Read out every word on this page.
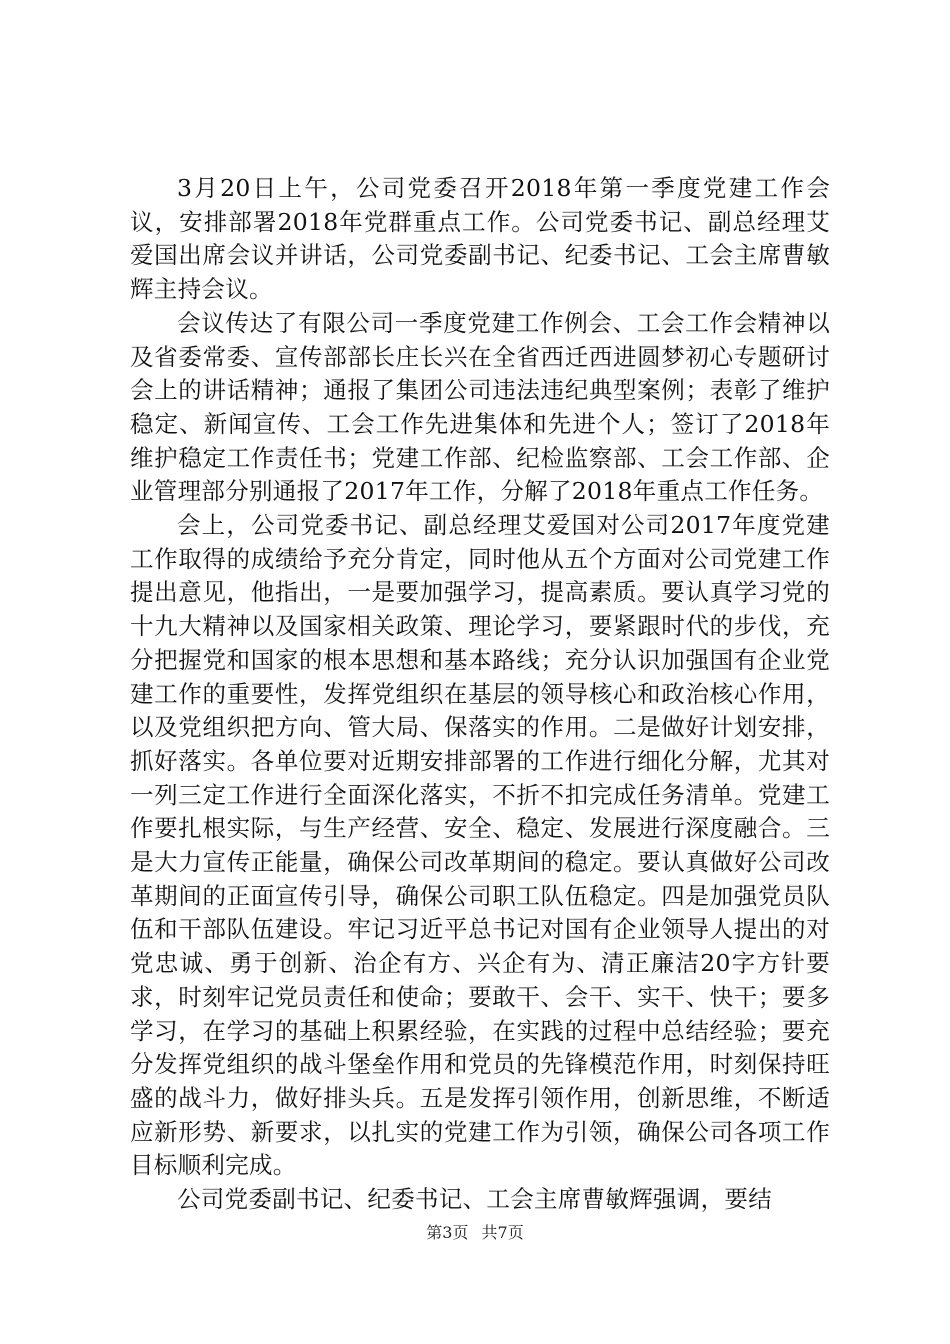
3月20日上午，公司党委召开2018年第一季度党建工作会议，安排部署2018年党群重点工作。公司党委书记、副总经理艾爱国出席会议并讲话，公司党委副书记、纪委书记、工会主席曹敏辉主持会议。

会议传达了有限公司一季度党建工作例会、工会工作会精神以及省委常委、宣传部部长庄长兴在全省西迁西进圆梦初心专题研讨会上的讲话精神；通报了集团公司违法违纪典型案例；表彰了维护稳定、新闻宣传、工会工作先进集体和先进个人；签订了2018年维护稳定工作责任书；党建工作部、纪检监察部、工会工作部、企业管理部分别通报了2017年工作，分解了2018年重点工作任务。

会上，公司党委书记、副总经理艾爱国对公司2017年度党建工作取得的成绩给予充分肯定，同时他从五个方面对公司党建工作提出意见，他指出，一是要加强学习，提高素质。要认真学习党的十九大精神以及国家相关政策、理论学习，要紧跟时代的步伐，充分把握党和国家的根本思想和基本路线；充分认识加强国有企业党建工作的重要性，发挥党组织在基层的领导核心和政治核心作用，以及党组织把方向、管大局、保落实的作用。二是做好计划安排，抓好落实。各单位要对近期安排部署的工作进行细化分解，尤其对一列三定工作进行全面深化落实，不折不扣完成任务清单。党建工作要扎根实际，与生产经营、安全、稳定、发展进行深度融合。三是大力宣传正能量，确保公司改革期间的稳定。要认真做好公司改革期间的正面宣传引导，确保公司职工队伍稳定。四是加强党员队伍和干部队伍建设。牢记习近平总书记对国有企业领导人提出的对党忠诚、勇于创新、治企有方、兴企有为、清正廉洁20字方针要求，时刻牢记党员责任和使命；要敢干、会干、实干、快干；要多学习，在学习的基础上积累经验，在实践的过程中总结经验；要充分发挥党组织的战斗堡垒作用和党员的先锋模范作用，时刻保持旺盛的战斗力，做好排头兵。五是发挥引领作用，创新思维，不断适应新形势、新要求，以扎实的党建工作为引领，确保公司各项工作目标顺利完成。

公司党委副书记、纪委书记、工会主席曹敏辉强调，要结

第3页 共7页
